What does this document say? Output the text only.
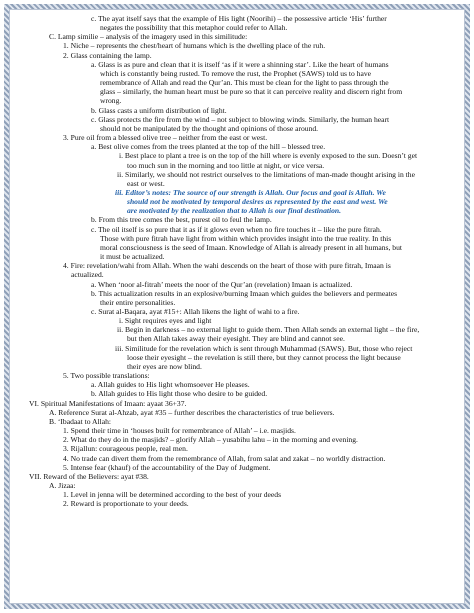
c. The ayat itself says that the example of His light (Noorihi) – the possessive article ‘His’ further
negates the possibility that this metaphor could refer to Allah.
C. Lamp similie – analysis of the imagery used in this similitude:
1. Niche – represents the chest/heart of humans which is the dwelling place of the ruh.
2. Glass containing the lamp.
a. Glass is as pure and clean that it is itself ‘as if it were a shinning star’. Like the heart of humans
which is constantly being rusted. To remove the rust, the Prophet (SAWS) told us to have
remembrance of Allah and read the Qur’an. This must be clean for the light to pass through the
glass – similarly, the human heart must be pure so that it can perceive reality and discern right from
wrong.
b. Glass casts a uniform distribution of light.
c. Glass protects the fire from the wind – not subject to blowing winds. Similarly, the human heart
should not be manipulated by the thought and opinions of those around.
3. Pure oil from a blessed olive tree – neither from the east or west.
a. Best olive comes from the trees planted at the top of the hill – blessed tree.
i. Best place to plant a tree is on the top of the hill where is evenly exposed to the sun. Doesn’t get
too much sun in the morning and too little at night, or vice versa.
ii. Similarly, we should not restrict ourselves to the limitations of man-made thought arising in the
east or west.
iii. Editor’s notes: The source of our strength is Allah. Our focus and goal is Allah. We
should not be motivated by temporal desires as represented by the east and west. We
are motivated by the realization that to Allah is our final destination.
b. From this tree comes the best, purest oil to feul the lamp.
c. The oil itself is so pure that it as if it glows even when no fire touches it – like the pure fitrah.
Those with pure fitrah have light from within which provides insight into the true reality. In this
moral consciousness is the seed of Imaan. Knowledge of Allah is already present in all humans, but
it must be actualized.
4. Fire: revelation/wahi from Allah. When the wahi descends on the heart of those with pure fitrah, Imaan is
actualized.
a. When ‘noor al-fitrah’ meets the noor of the Qur’an (revelation) Imaan is actualized.
b. This actualization results in an explosive/burning Imaan which guides the believers and permeates
their entire personalities.
c. Surat al-Baqara, ayat #15+: Allah likens the light of wahi to a fire.
i. Sight requires eyes and light
ii. Begin in darkness – no external light to guide them. Then Allah sends an external light – the fire,
but then Allah takes away their eyesight. They are blind and cannot see.
iii. Similitude for the revelation which is sent through Muhammad (SAWS). But, those who reject
loose their eyesight – the revelation is still there, but they cannot process the light because
their eyes are now blind.
5. Two possible translations:
a. Allah guides to His light whomsoever He pleases.
b. Allah guides to His light those who desire to be guided.
VI. Spiritual Manifestations of Imaan: ayaat 36+37.
A. Reference Surat al-Ahzab, ayat #35 – further describes the characteristics of true believers.
B. ‘Ibadaat to Allah:
1. Spend their time in ‘houses built for remembrance of Allah’ – i.e. masjids.
2. What do they do in the masjids? – glorify Allah – yusabihu lahu – in the morning and evening.
3. Rijallun: courageous people, real men.
4. No trade can divert them from the remembrance of Allah, from salat and zakat – no worldly distraction.
5. Intense fear (khauf) of the accountability of the Day of Judgment.
VII. Reward of the Believers: ayat #38.
A. Jizaa:
1. Level in jenna will be determined according to the best of your deeds
2. Reward is proportionate to your deeds.
